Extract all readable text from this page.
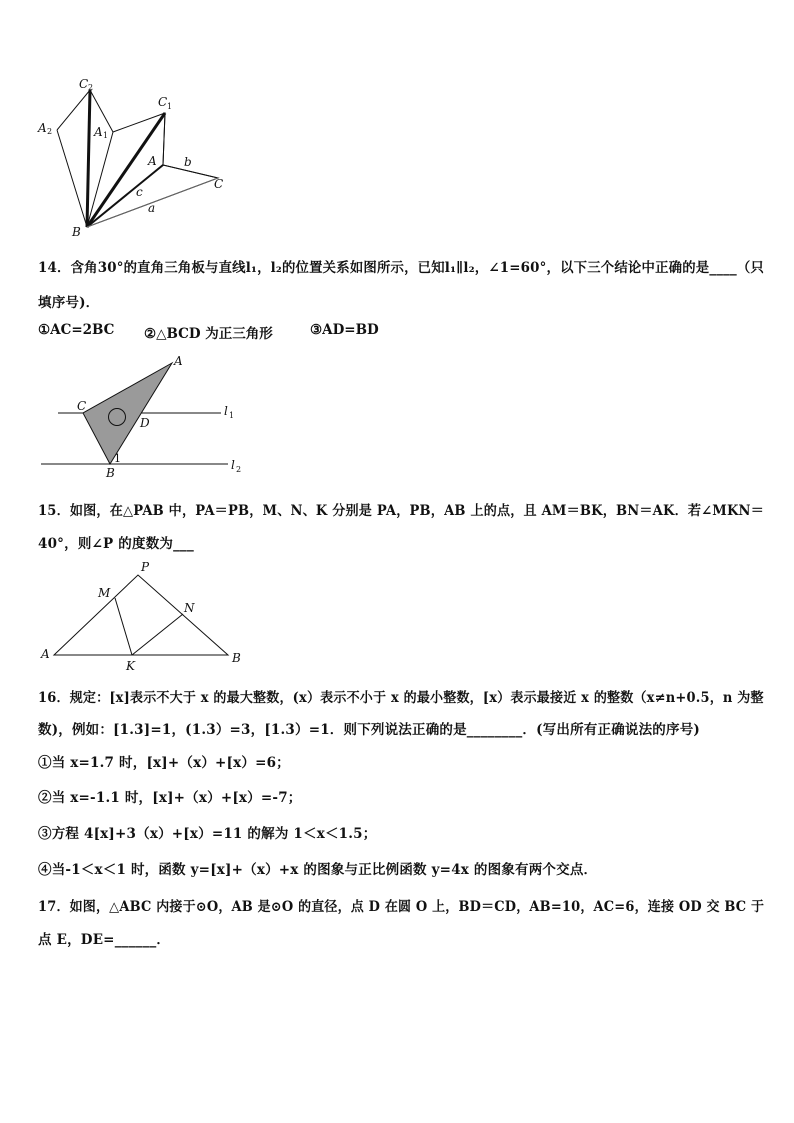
C 2
C 1
A 2	A 1
A b
C
c
a
B
14．含角30°的直角三角板与直线l₁，l₂的位置关系如图所示，已知l₁∥l₂，∠1=60°，以下三个结论中正确的是____（只
填序号)．
①AC=2BC ②△BCD 为正三角形	③AD=BD
A
C
D
B
1
l 1
l 2
15．如图，在△PAB 中，PA＝PB，M、N、K 分别是 PA，PB，AB 上的点，且 AM＝BK，BN＝AK．若∠MKN＝
40°，则∠P 的度数为___
P
M
N
A
K
B
16．规定：[x]表示不大于 x 的最大整数，(x）表示不小于 x 的最小整数，[x）表示最接近 x 的整数（x≠n+0.5，n 为整
数)，例如：[1.3]=1，(1.3）=3，[1.3）=1．则下列说法正确的是________．(写出所有正确说法的序号)
①当 x=1.7 时，[x]+（x）+[x）=6；
②当 x=-1.1 时，[x]+（x）+[x）=-7；
③方程 4[x]+3（x）+[x）=11 的解为 1＜x＜1.5；
④当-1＜x＜1 时，函数 y=[x]+（x）+x 的图象与正比例函数 y=4x 的图象有两个交点．
17．如图，△ABC 内接于⊙O，AB 是⊙O 的直径，点 D 在圆 O 上，BD＝CD，AB=10，AC=6，连接 OD 交 BC 于
点 E，DE=______．
